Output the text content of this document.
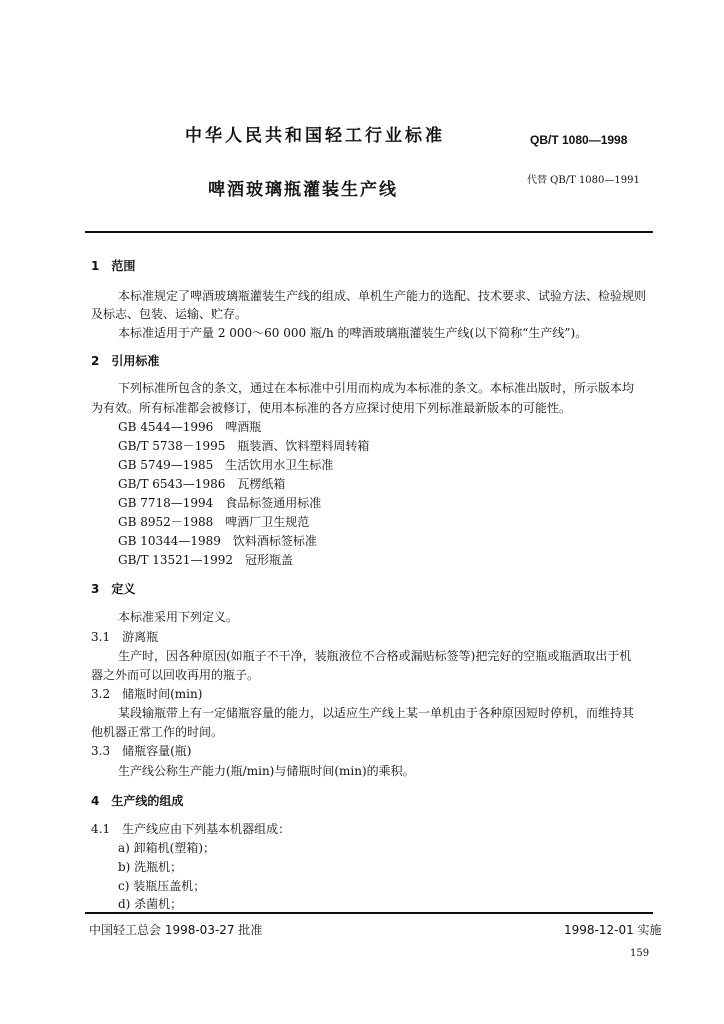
中华人民共和国轻工行业标准	QB/T 1080—1998
啤酒玻璃瓶灌装生产线	代替 QB/T 1080—1991
1　范围
本标准规定了啤酒玻璃瓶灌装生产线的组成、单机生产能力的选配、技术要求、试验方法、检验规则
及标志、包装、运输、贮存。
本标准适用于产量 2 000～60 000 瓶/h 的啤酒玻璃瓶灌装生产线(以下简称“生产线”)。
2　引用标准
下列标准所包含的条文，通过在本标准中引用而构成为本标准的条文。本标准出版时，所示版本均
为有效。所有标准都会被修订，使用本标准的各方应探讨使用下列标准最新版本的可能性。
GB 4544—1996　啤酒瓶
GB/T 5738－1995　瓶装酒、饮料塑料周转箱
GB 5749—1985　生活饮用水卫生标准
GB/T 6543—1986　瓦楞纸箱
GB 7718—1994　食品标签通用标准
GB 8952－1988　啤酒厂卫生规范
GB 10344—1989　饮料酒标签标准
GB/T 13521—1992　冠形瓶盖
3　定义
本标准采用下列定义。
3.1　游离瓶
生产时，因各种原因(如瓶子不干净，装瓶液位不合格或漏贴标签等)把完好的空瓶或瓶酒取出于机
器之外而可以回收再用的瓶子。
3.2　储瓶时间(min)
某段输瓶带上有一定储瓶容量的能力，以适应生产线上某一单机由于各种原因短时停机，而维持其
他机器正常工作的时间。
3.3　储瓶容量(瓶)
生产线公称生产能力(瓶/min)与储瓶时间(min)的乘积。
4　生产线的组成
4.1　生产线应由下列基本机器组成：
a) 卸箱机(塑箱)；
b) 洗瓶机；
c) 装瓶压盖机；
d) 杀菌机；
中国轻工总会 1998-03-27 批准	1998-12-01 实施
159
